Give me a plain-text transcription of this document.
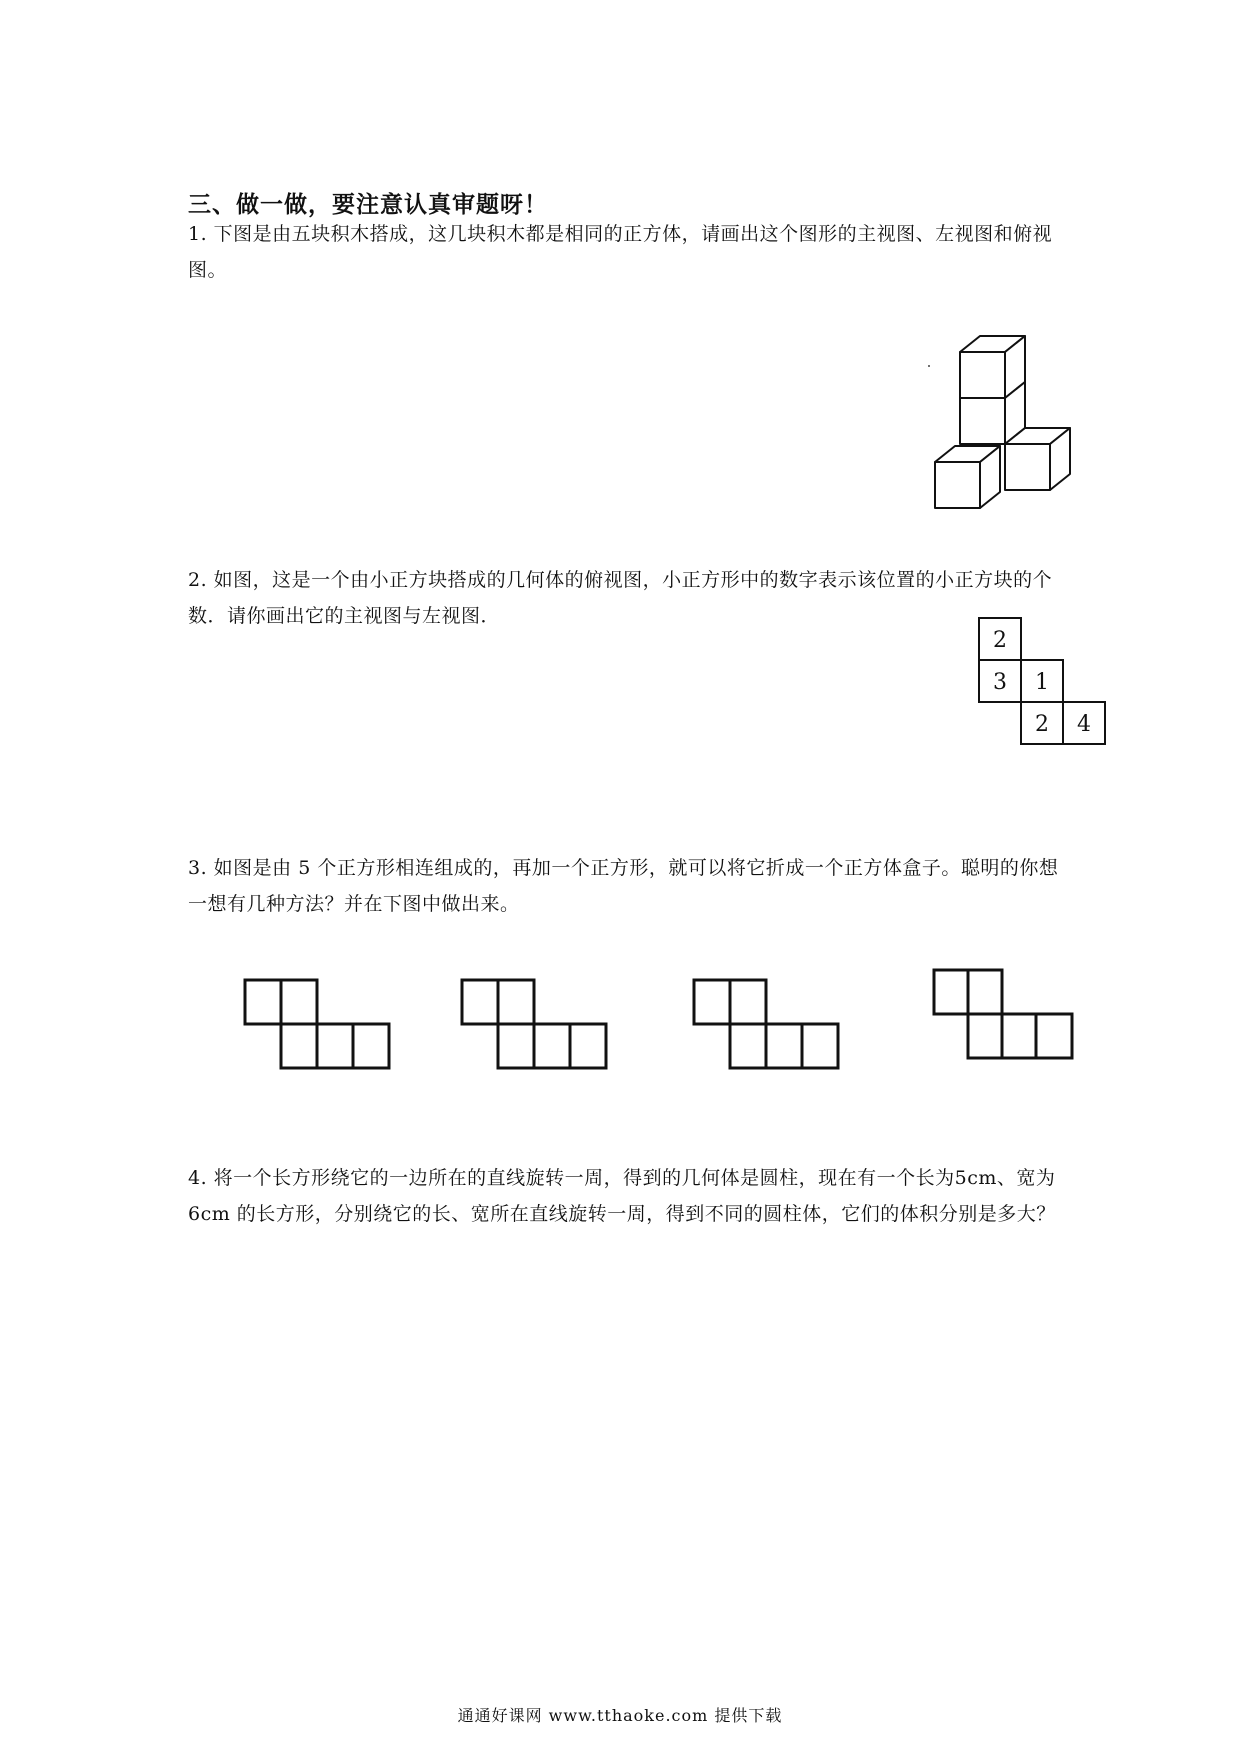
三、做一做，要注意认真审题呀！
1. 下图是由五块积木搭成，这几块积木都是相同的正方体，请画出这个图形的主视图、左视图和俯视图。
2. 如图，这是一个由小正方块搭成的几何体的俯视图，小正方形中的数字表示该位置的小正方块的个数．请你画出它的主视图与左视图．
2
3 1
2 4
3. 如图是由 5 个正方形相连组成的，再加一个正方形，就可以将它折成一个正方体盒子。聪明的你想一想有几种方法？并在下图中做出来。
4. 将一个长方形绕它的一边所在的直线旋转一周，得到的几何体是圆柱，现在有一个长为5cm、宽为6cm 的长方形，分别绕它的长、宽所在直线旋转一周，得到不同的圆柱体，它们的体积分别是多大？
通通好课网 www.tthaoke.com 提供下载
